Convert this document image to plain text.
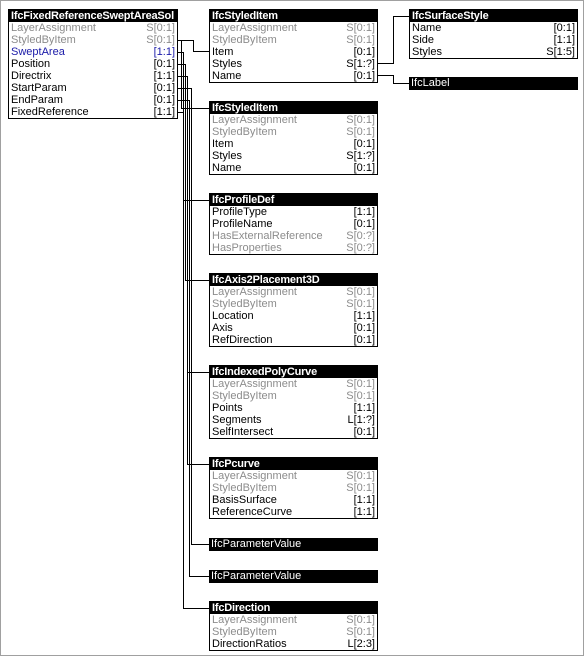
IfcFixedReferenceSweptAreaSol
LayerAssignment	S[0:1]
StyledByItem	S[0:1]
SweptArea	[1:1]
Position	[0:1]
Directrix	[1:1]
StartParam	[0:1]
EndParam	[0:1]
FixedReference	[1:1]
IfcStyledItem
LayerAssignment	S[0:1]
StyledByItem	S[0:1]
Item	[0:1]
Styles	S[1:?]
Name	[0:1]
IfcSurfaceStyle
Name	[0:1]
Side	[1:1]
Styles	S[1:5]
IfcLabel
IfcStyledItem
LayerAssignment	S[0:1]
StyledByItem	S[0:1]
Item	[0:1]
Styles	S[1:?]
Name	[0:1]
IfcProfileDef
ProfileType	[1:1]
ProfileName	[0:1]
HasExternalReference S[0:?]
HasProperties	S[0:?]
IfcAxis2Placement3D
LayerAssignment	S[0:1]
StyledByItem	S[0:1]
Location	[1:1]
Axis	[0:1]
RefDirection	[0:1]
IfcIndexedPolyCurve
LayerAssignment	S[0:1]
StyledByItem	S[0:1]
Points	[1:1]
Segments	L[1:?]
SelfIntersect	[0:1]
IfcPcurve
LayerAssignment	S[0:1]
StyledByItem	S[0:1]
BasisSurface	[1:1]
ReferenceCurve	[1:1]
IfcParameterValue
IfcParameterValue
IfcDirection
LayerAssignment	S[0:1]
StyledByItem	S[0:1]
DirectionRatios	L[2:3]
